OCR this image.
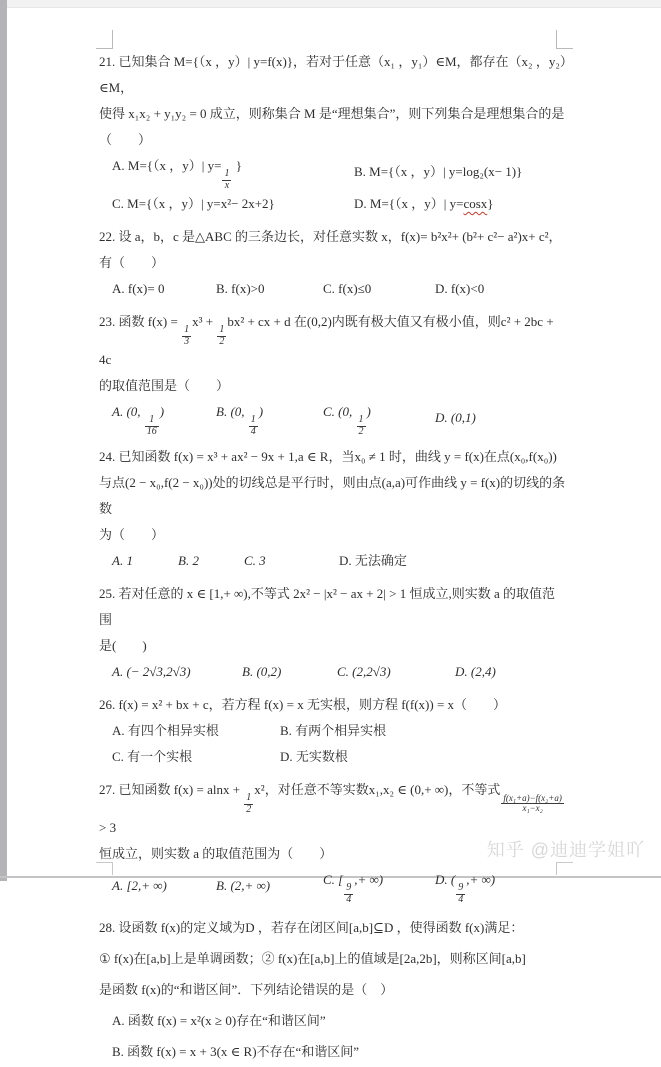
21. 已知集合 M={（x ，y）| y=f(x)}，若对于任意（x₁ ，y₁）∈M，都存在（x₂ ，y₂）∈M，

使得 x₁x₂ + y₁y₂ = 0 成立，则称集合 M 是“理想集合”，则下列集合是理想集合的是

（　　）

A. M={（x ，y）| y=
$\frac{1}{x}$
}	B. M={（x ，y）| y=log₂(x− 1)}
C. M={（x ，y）| y=x²− 2x+2}	D. M={（x ，y）| y=cosx}

22. 设 a，b，c 是△ABC 的三条边长，对任意实数 x，f(x)= b²x²+ (b²+ c²− a²)x+ c²，

有（　　）

A. f(x)= 0	B. f(x)>0	C. f(x)≤0	D. f(x)<0

23. 函数 f(x) =
$\frac{1}{3}$
x³ +
$\frac{1}{2}$
bx² + cx + d 在(0,2)内既有极大值又有极小值，则c² + 2bc + 4c

的取值范围是（　　）

A. (0,
$\frac{1}{16}$
)	B. (0,
$\frac{1}{4}$
)	C. (0,
$\frac{1}{2}$
)	D. (0,1)

24. 已知函数 f(x) = x³ + ax² − 9x + 1,a ∈ R，当x₀ ≠ 1 时，曲线 y = f(x)在点(x₀,f(x₀))

与点(2 − x₀,f(2 − x₀))处的切线总是平行时，则由点(a,a)可作曲线 y = f(x)的切线的条数

为（　　）

A. 1	B. 2	C. 3	D. 无法确定

25. 若对任意的 x ∈ [1,+ ∞),不等式 2x² − |x² − ax + 2| > 1 恒成立,则实数 a 的取值范围

是(　　)

A. (− 2√3,2√3)	B. (0,2)	C. (2,2√3)	D. (2,4)

26. f(x) = x² + bx + c，若方程 f(x) = x 无实根，则方程 f(f(x)) = x（　　）

A. 有四个相异实根	B. 有两个相异实根
C. 有一个实根	D. 无实数根

27. 已知函数 f(x) = alnx +
$\frac{1}{2}$
x²，对任意不等实数x₁,x₂ ∈ (0,+ ∞)，不等式
$\frac{\text{f(x₁+a)−f(x₂+a)}}{\text{x₁−x₂}}$
> 3

恒成立，则实数 a 的取值范围为（　　）

A. [2,+ ∞)	B. (2,+ ∞)	C. [
$\frac{9}{4}$
,+ ∞)	D. (
$\frac{9}{4}$
,+ ∞)

28. 设函数 f(x)的定义域为D ，若存在闭区间[a,b]⊆D ，使得函数 f(x)满足：

① f(x)在[a,b]上是单调函数；② f(x)在[a,b]上的值域是[2a,2b]，则称区间[a,b]

是函数 f(x)的“和谐区间”．下列结论错误的是（　）

A. 函数 f(x) = x²(x ≥ 0)存在“和谐区间”

B. 函数 f(x) = x + 3(x ∈ R)不存在“和谐区间”

知乎 @迪迪学姐吖
